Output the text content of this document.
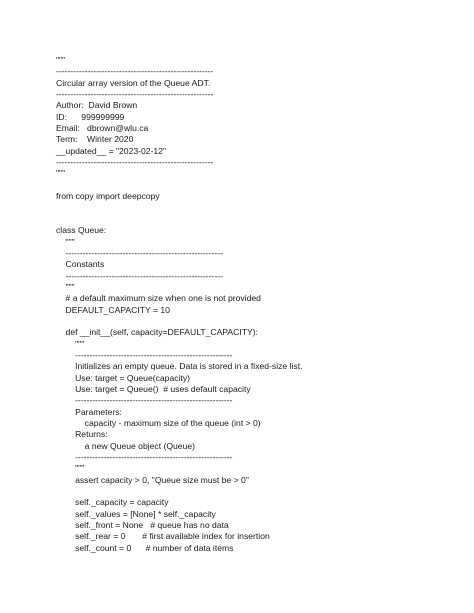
"""
-------------------------------------------------------
Circular array version of the Queue ADT.
-------------------------------------------------------
Author:  David Brown
ID:      999999999
Email:   dbrown@wlu.ca
Term:    Winter 2020
__updated__ = "2023-02-12"
-------------------------------------------------------
"""
from copy import deepcopy
class Queue:
"""
-------------------------------------------------------
Constants
-------------------------------------------------------
"""
# a default maximum size when one is not provided
DEFAULT_CAPACITY = 10
def __init__(self, capacity=DEFAULT_CAPACITY):
"""
-------------------------------------------------------
Initializes an empty queue. Data is stored in a fixed-size list.
Use: target = Queue(capacity)
Use: target = Queue()  # uses default capacity
-------------------------------------------------------
Parameters:
capacity - maximum size of the queue (int > 0)
Returns:
a new Queue object (Queue)
-------------------------------------------------------
"""
assert capacity > 0, "Queue size must be > 0"
self._capacity = capacity
self._values = [None] * self._capacity
self._front = None   # queue has no data
self._rear = 0       # first available index for insertion
self._count = 0      # number of data items
